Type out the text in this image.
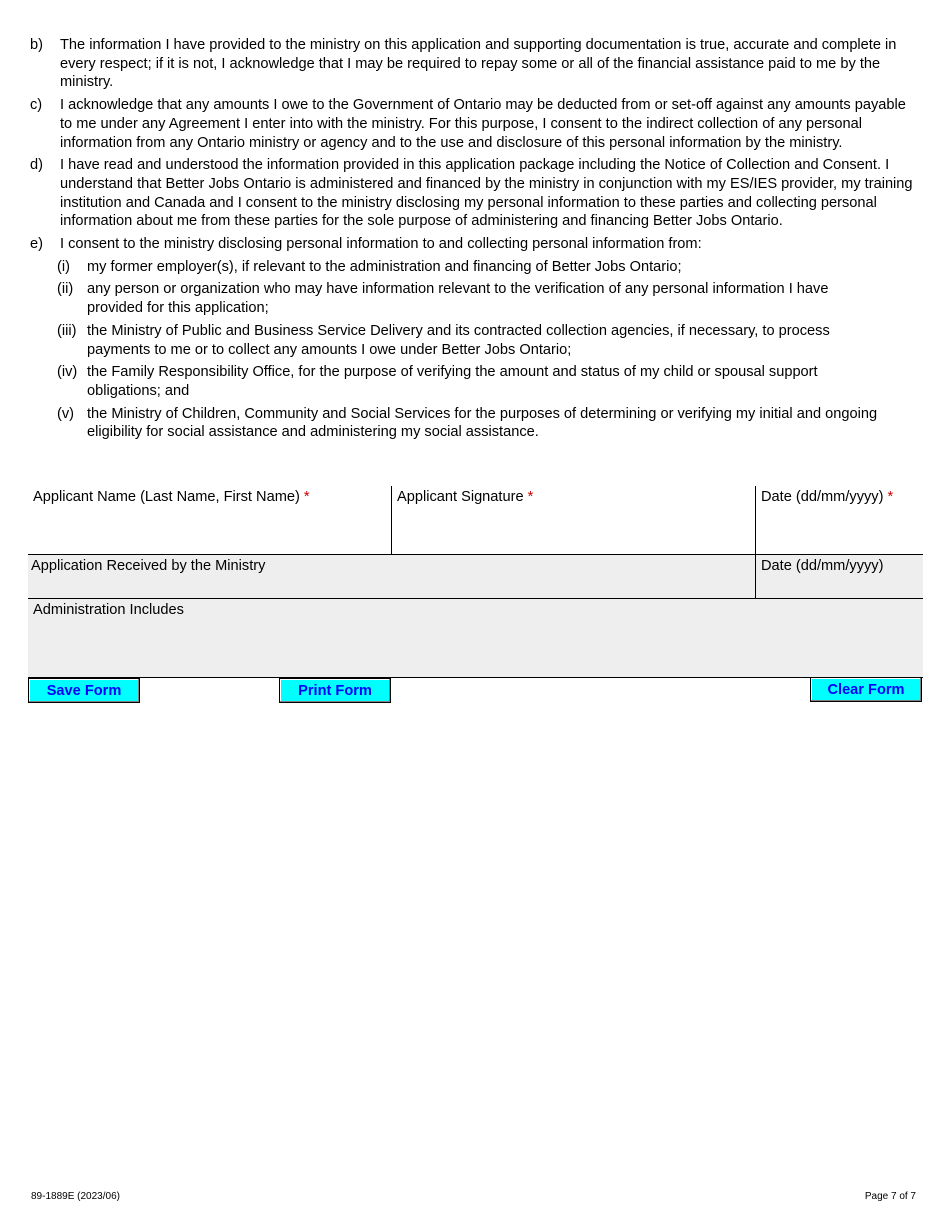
b)	The information I have provided to the ministry on this application and supporting documentation is true, accurate and complete in every respect; if it is not, I acknowledge that I may be required to repay some or all of the financial assistance paid to me by the ministry.
c)	I acknowledge that any amounts I owe to the Government of Ontario may be deducted from or set-off against any amounts payable to me under any Agreement I enter into with the ministry. For this purpose, I consent to the indirect collection of any personal information from any Ontario ministry or agency and to the use and disclosure of this personal information by the ministry.
d)	I have read and understood the information provided in this application package including the Notice of Collection and Consent. I understand that Better Jobs Ontario is administered and financed by the ministry in conjunction with my ES/IES provider, my training institution and Canada and I consent to the ministry disclosing my personal information to these parties and collecting personal information about me from these parties for the sole purpose of administering and financing Better Jobs Ontario.
e)	I consent to the ministry disclosing personal information to and collecting personal information from:
(i)	my former employer(s), if relevant to the administration and financing of Better Jobs Ontario;
(ii) any person or organization who may have information relevant to the verification of any personal information I have provided for this application;
(iii) the Ministry of Public and Business Service Delivery and its contracted collection agencies, if necessary, to process payments to me or to collect any amounts I owe under Better Jobs Ontario;
(iv) the Family Responsibility Office, for the purpose of verifying the amount and status of my child or spousal support obligations; and
(v) the Ministry of Children, Community and Social Services for the purposes of determining or verifying my initial and ongoing eligibility for social assistance and administering my social assistance.
Applicant Name (Last Name, First Name) *	Applicant Signature *	Date (dd/mm/yyyy) *
Application Received by the Ministry	Date (dd/mm/yyyy)
Administration Includes
Save Form	Print Form	Clear Form
89-1889E (2023/06)	Page 7 of 7
